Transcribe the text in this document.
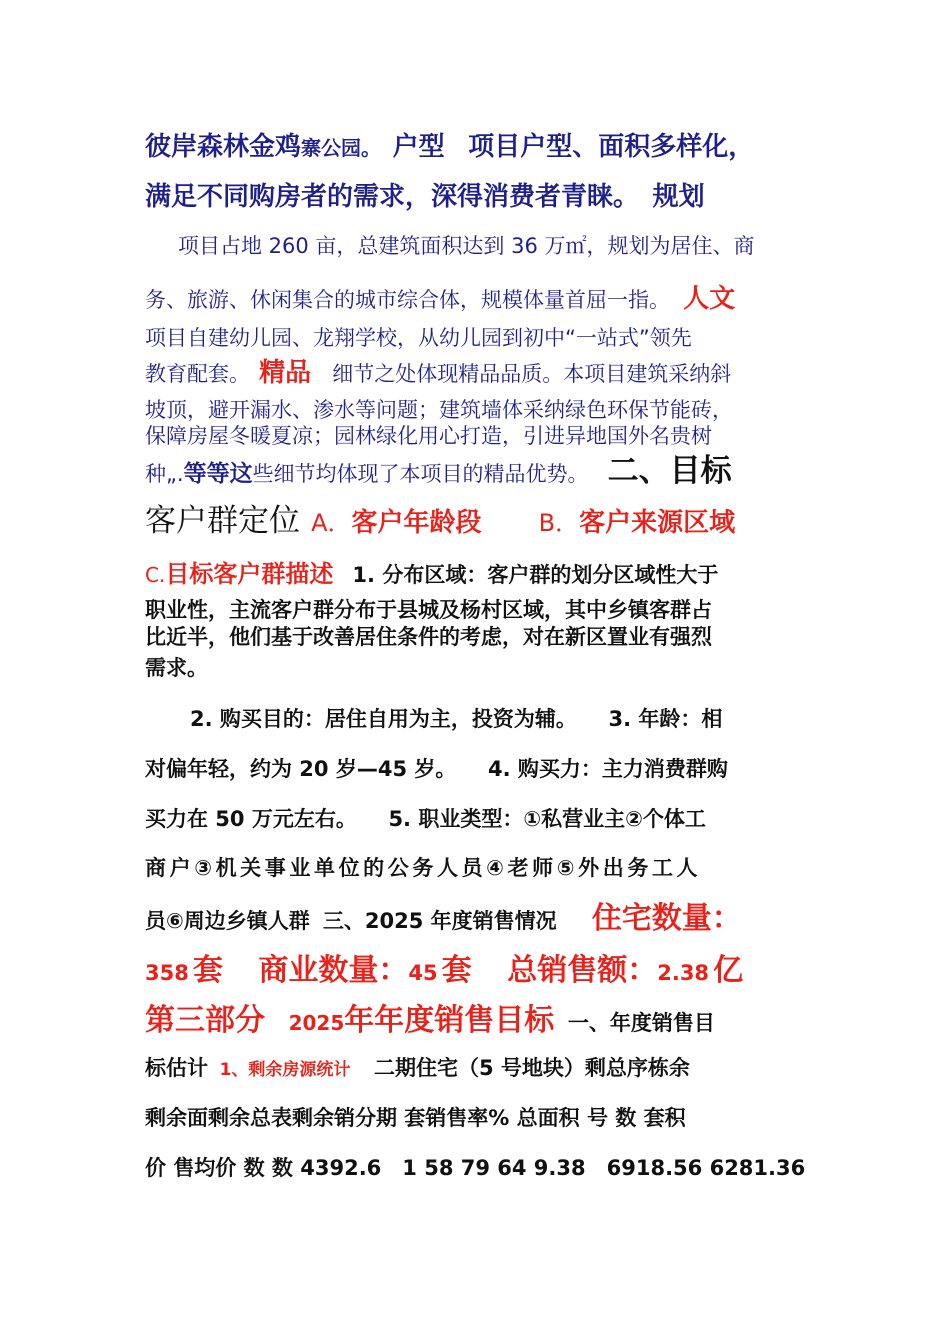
彼岸森林金鸡寨公园。 户型 项目户型、面积多样化，
满足不同购房者的需求，深得消费者青睐。 规划
项目占地 260 亩，总建筑面积达到 36 万㎡，规划为居住、商
务、旅游、休闲集合的城市综合体，规模体量首屈一指。 人文
项目自建幼儿园、龙翔学校，从幼儿园到初中“一站式”领先
教育配套。 精品 细节之处体现精品品质。本项目建筑采纳斜
坡顶，避开漏水、渗水等问题；建筑墙体采纳绿色环保节能砖，
保障房屋冬暖夏凉；园林绿化用心打造，引进异地国外名贵树
种„.等等这些细节均体现了本项目的精品优势。 二、目标
客户群定位 A．客户年龄段 B．客户来源区域
C.目标客户群描述 1. 分布区域：客户群的划分区域性大于
职业性，主流客户群分布于县城及杨村区域，其中乡镇客群占
比近半，他们基于改善居住条件的考虑，对在新区置业有强烈
需求。
2. 购买目的：居住自用为主，投资为辅。 3. 年龄：相
对偏年轻，约为 20 岁—45 岁。 4. 购买力：主力消费群购
买力在 50 万元左右。 5. 职业类型：①私营业主②个体工
商户③机关事业单位的公务人员④老师⑤外出务工人
员⑥周边乡镇人群 三、2025 年度销售情况 住宅数量：
358 套 商业数量：45 套 总销售额：2.38 亿
第三部分 2025年年度销售目标 一、年度销售目
标估计 1、剩余房源统计 二期住宅（5 号地块）剩总序栋余
剩余面剩余总表剩余销分期 套销售率% 总面积 号 数 套积
价 售均价 数 数 4392.6　1 58 79 64 9.38　6918.56 6281.36
